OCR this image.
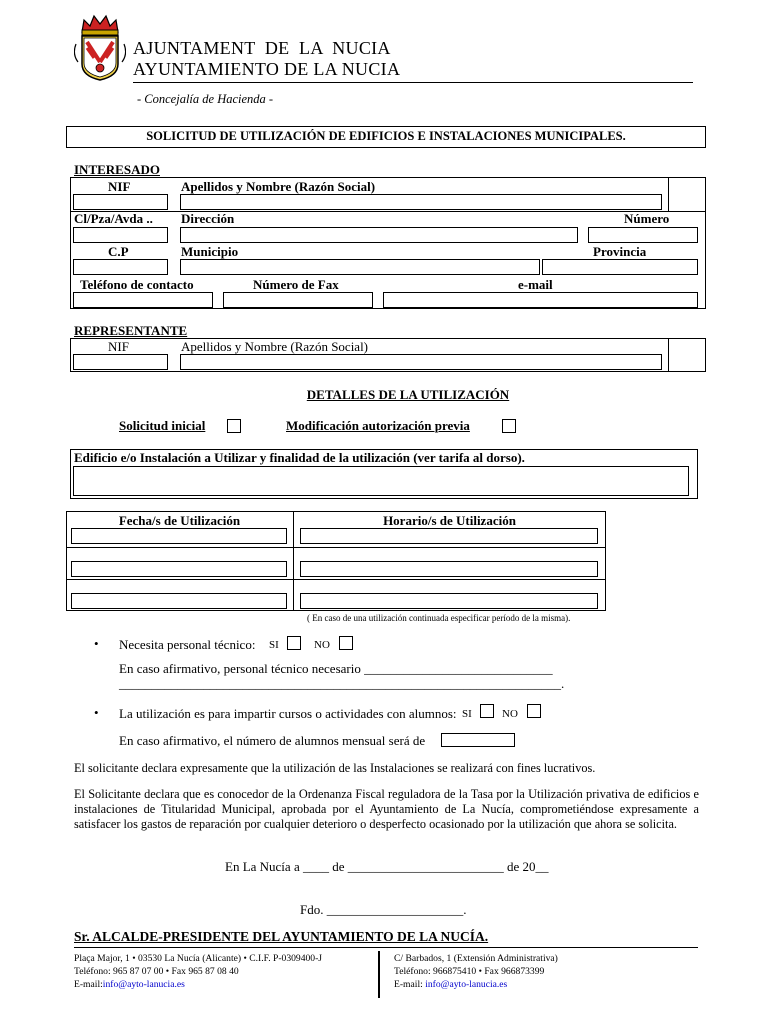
AJUNTAMENT  DE  LA  NUCIA
AYUNTAMIENTO DE LA NUCIA
- Concejalía de Hacienda -
SOLICITUD DE UTILIZACIÓN DE EDIFICIOS E INSTALACIONES MUNICIPALES.
INTERESADO
NIF	Apellidos y Nombre (Razón Social)
Cl/Pza/Avda .. Dirección	Número
C.P	Municipio	Provincia
Teléfono de contacto	Número de Fax	e-mail
REPRESENTANTE
NIF	Apellidos y Nombre (Razón Social)
DETALLES DE LA UTILIZACIÓN
Solicitud inicial	Modificación autorización previa
Edificio e/o Instalación a Utilizar y finalidad de la utilización (ver tarifa al dorso).
Fecha/s de Utilización	Horario/s de Utilización
( En caso de una utilización continuada especificar período de la misma).
• Necesita personal técnico: SI	NO
En caso afirmativo, personal técnico necesario _____________________________
____________________________________________________________________.
• La utilización es para impartir cursos o actividades con alumnos: SI	NO
En caso afirmativo, el número de alumnos mensual será de
El solicitante declara expresamente que la utilización de las Instalaciones se realizará con fines lucrativos.
El Solicitante declara que es conocedor de la Ordenanza Fiscal reguladora de la Tasa por la Utilización privativa de edificios e instalaciones de Titularidad Municipal, aprobada por el Ayuntamiento de La Nucía, comprometiéndose expresamente a satisfacer los gastos de reparación por cualquier deterioro o desperfecto ocasionado por la utilización que ahora se solicita.
En La Nucía a ____ de ________________________ de 20__
Fdo. _____________________.
Sr. ALCALDE-PRESIDENTE DEL AYUNTAMIENTO DE LA NUCÍA.
Plaça Major, 1 • 03530 La Nucía (Alicante) • C.I.F. P-0309400-J
Teléfono: 965 87 07 00 • Fax 965 87 08 40
E-mail:info@ayto-lanucia.es
C/ Barbados, 1 (Extensión Administrativa)
Teléfono: 966875410 • Fax 966873399
E-mail: info@ayto-lanucia.es
